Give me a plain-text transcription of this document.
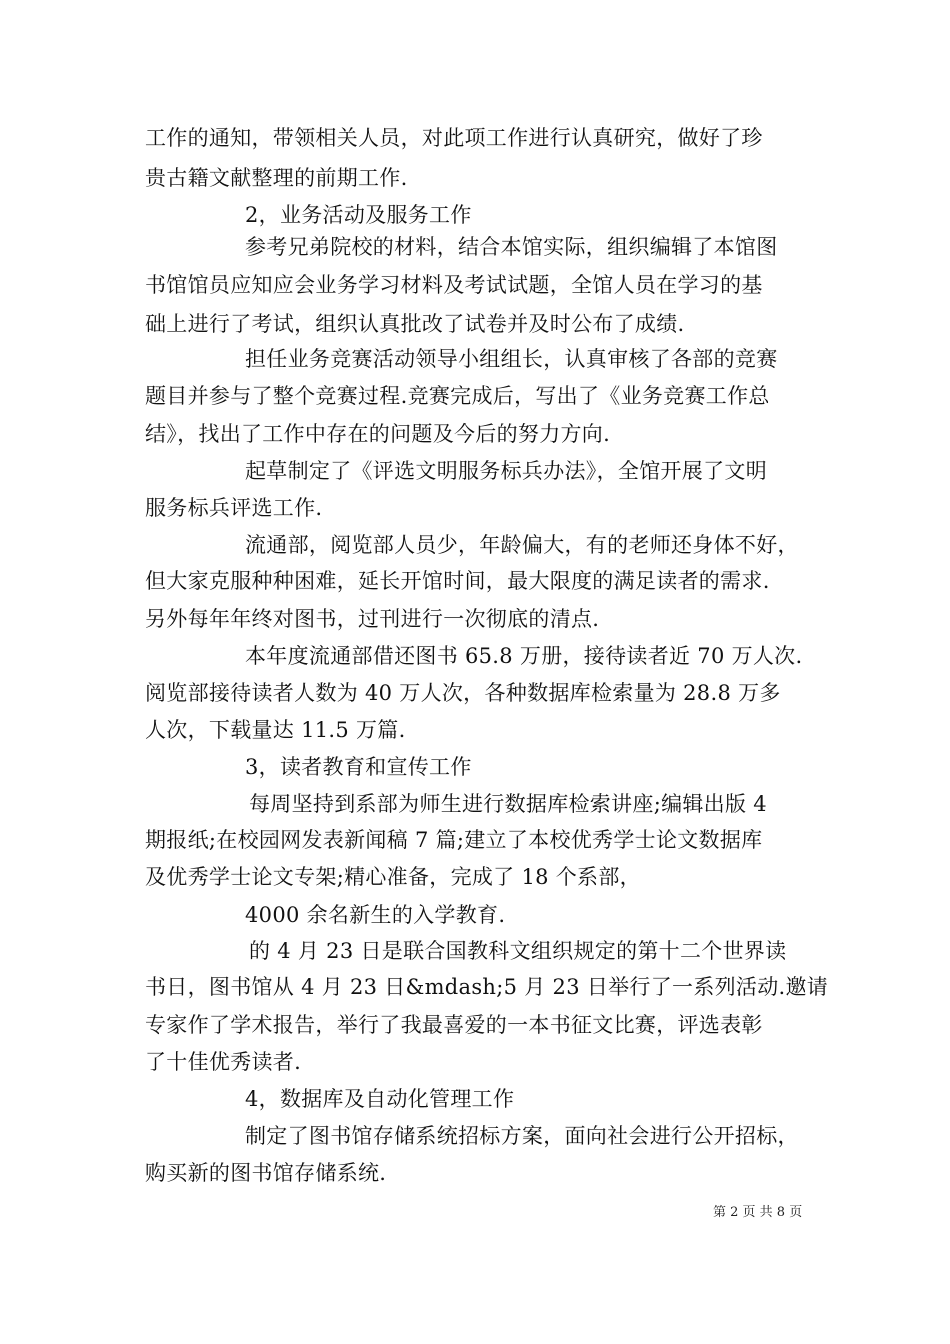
工作的通知，带领相关人员，对此项工作进行认真研究，做好了珍
贵古籍文献整理的前期工作.
2，业务活动及服务工作
参考兄弟院校的材料，结合本馆实际，组织编辑了本馆图
书馆馆员应知应会业务学习材料及考试试题，全馆人员在学习的基
础上进行了考试，组织认真批改了试卷并及时公布了成绩.
担任业务竞赛活动领导小组组长，认真审核了各部的竞赛
题目并参与了整个竞赛过程.竞赛完成后，写出了《业务竞赛工作总
结》，找出了工作中存在的问题及今后的努力方向.
起草制定了《评选文明服务标兵办法》，全馆开展了文明
服务标兵评选工作.
流通部，阅览部人员少，年龄偏大，有的老师还身体不好，
但大家克服种种困难，延长开馆时间，最大限度的满足读者的需求.
另外每年年终对图书，过刊进行一次彻底的清点.
本年度流通部借还图书 65.8 万册，接待读者近 70 万人次.
阅览部接待读者人数为 40 万人次，各种数据库检索量为 28.8 万多
人次，下载量达 11.5 万篇.
3，读者教育和宣传工作
每周坚持到系部为师生进行数据库检索讲座;编辑出版 4
期报纸;在校园网发表新闻稿 7 篇;建立了本校优秀学士论文数据库
及优秀学士论文专架;精心准备，完成了 18 个系部，
4000 余名新生的入学教育.
的 4 月 23 日是联合国教科文组织规定的第十二个世界读
书日，图书馆从 4 月 23 日&mdash;5 月 23 日举行了一系列活动.邀请
专家作了学术报告，举行了我最喜爱的一本书征文比赛，评选表彰
了十佳优秀读者.
4，数据库及自动化管理工作
制定了图书馆存储系统招标方案，面向社会进行公开招标，
购买新的图书馆存储系统.
第 2 页 共 8 页
